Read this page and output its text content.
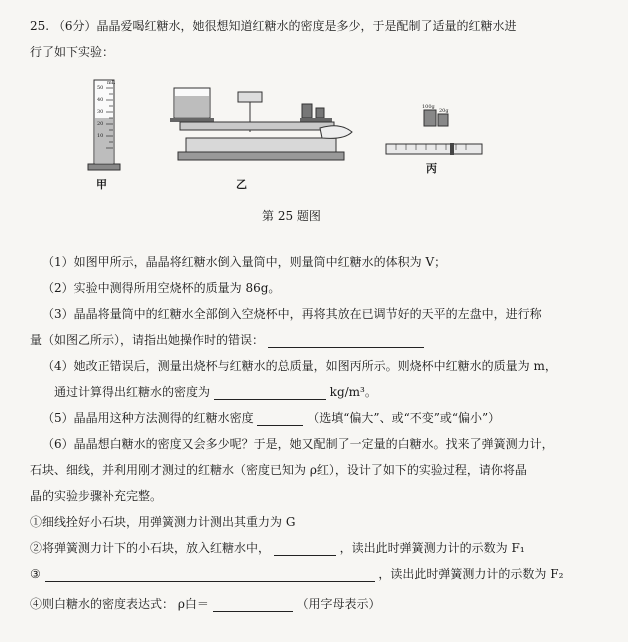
25. （6分）晶晶爱喝红糖水，她很想知道红糖水的密度是多少，于是配制了适量的红糖水进
行了如下实验：
mL
50
40
30
20
10
甲	乙
100g
20g
丙
第 25 题图
（1）如图甲所示，晶晶将红糖水倒入量筒中，则量筒中红糖水的体积为 V；
（2）实验中测得所用空烧杯的质量为 86g。
（3）晶晶将量筒中的红糖水全部倒入空烧杯中，再将其放在已调节好的天平的左盘中，进行称
量（如图乙所示），请指出她操作时的错误：
（4）她改正错误后，测量出烧杯与红糖水的总质量，如图丙所示。则烧杯中红糖水的质量为 m，
通过计算得出红糖水的密度为	kg/m³。
（5）晶晶用这种方法测得的红糖水密度	（选填“偏大”、或“不变”或“偏小”）
（6）晶晶想白糖水的密度又会多少呢？于是，她又配制了一定量的白糖水。找来了弹簧测力计，
石块、细线，并利用刚才测过的红糖水（密度已知为 ρ红），设计了如下的实验过程，请你将晶
晶的实验步骤补充完整。
①细线拴好小石块，用弹簧测力计测出其重力为 G
②将弹簧测力计下的小石块，放入红糖水中，	，读出此时弹簧测力计的示数为 F₁
③	，读出此时弹簧测力计的示数为 F₂
④则白糖水的密度表达式： ρ白＝	（用字母表示）
